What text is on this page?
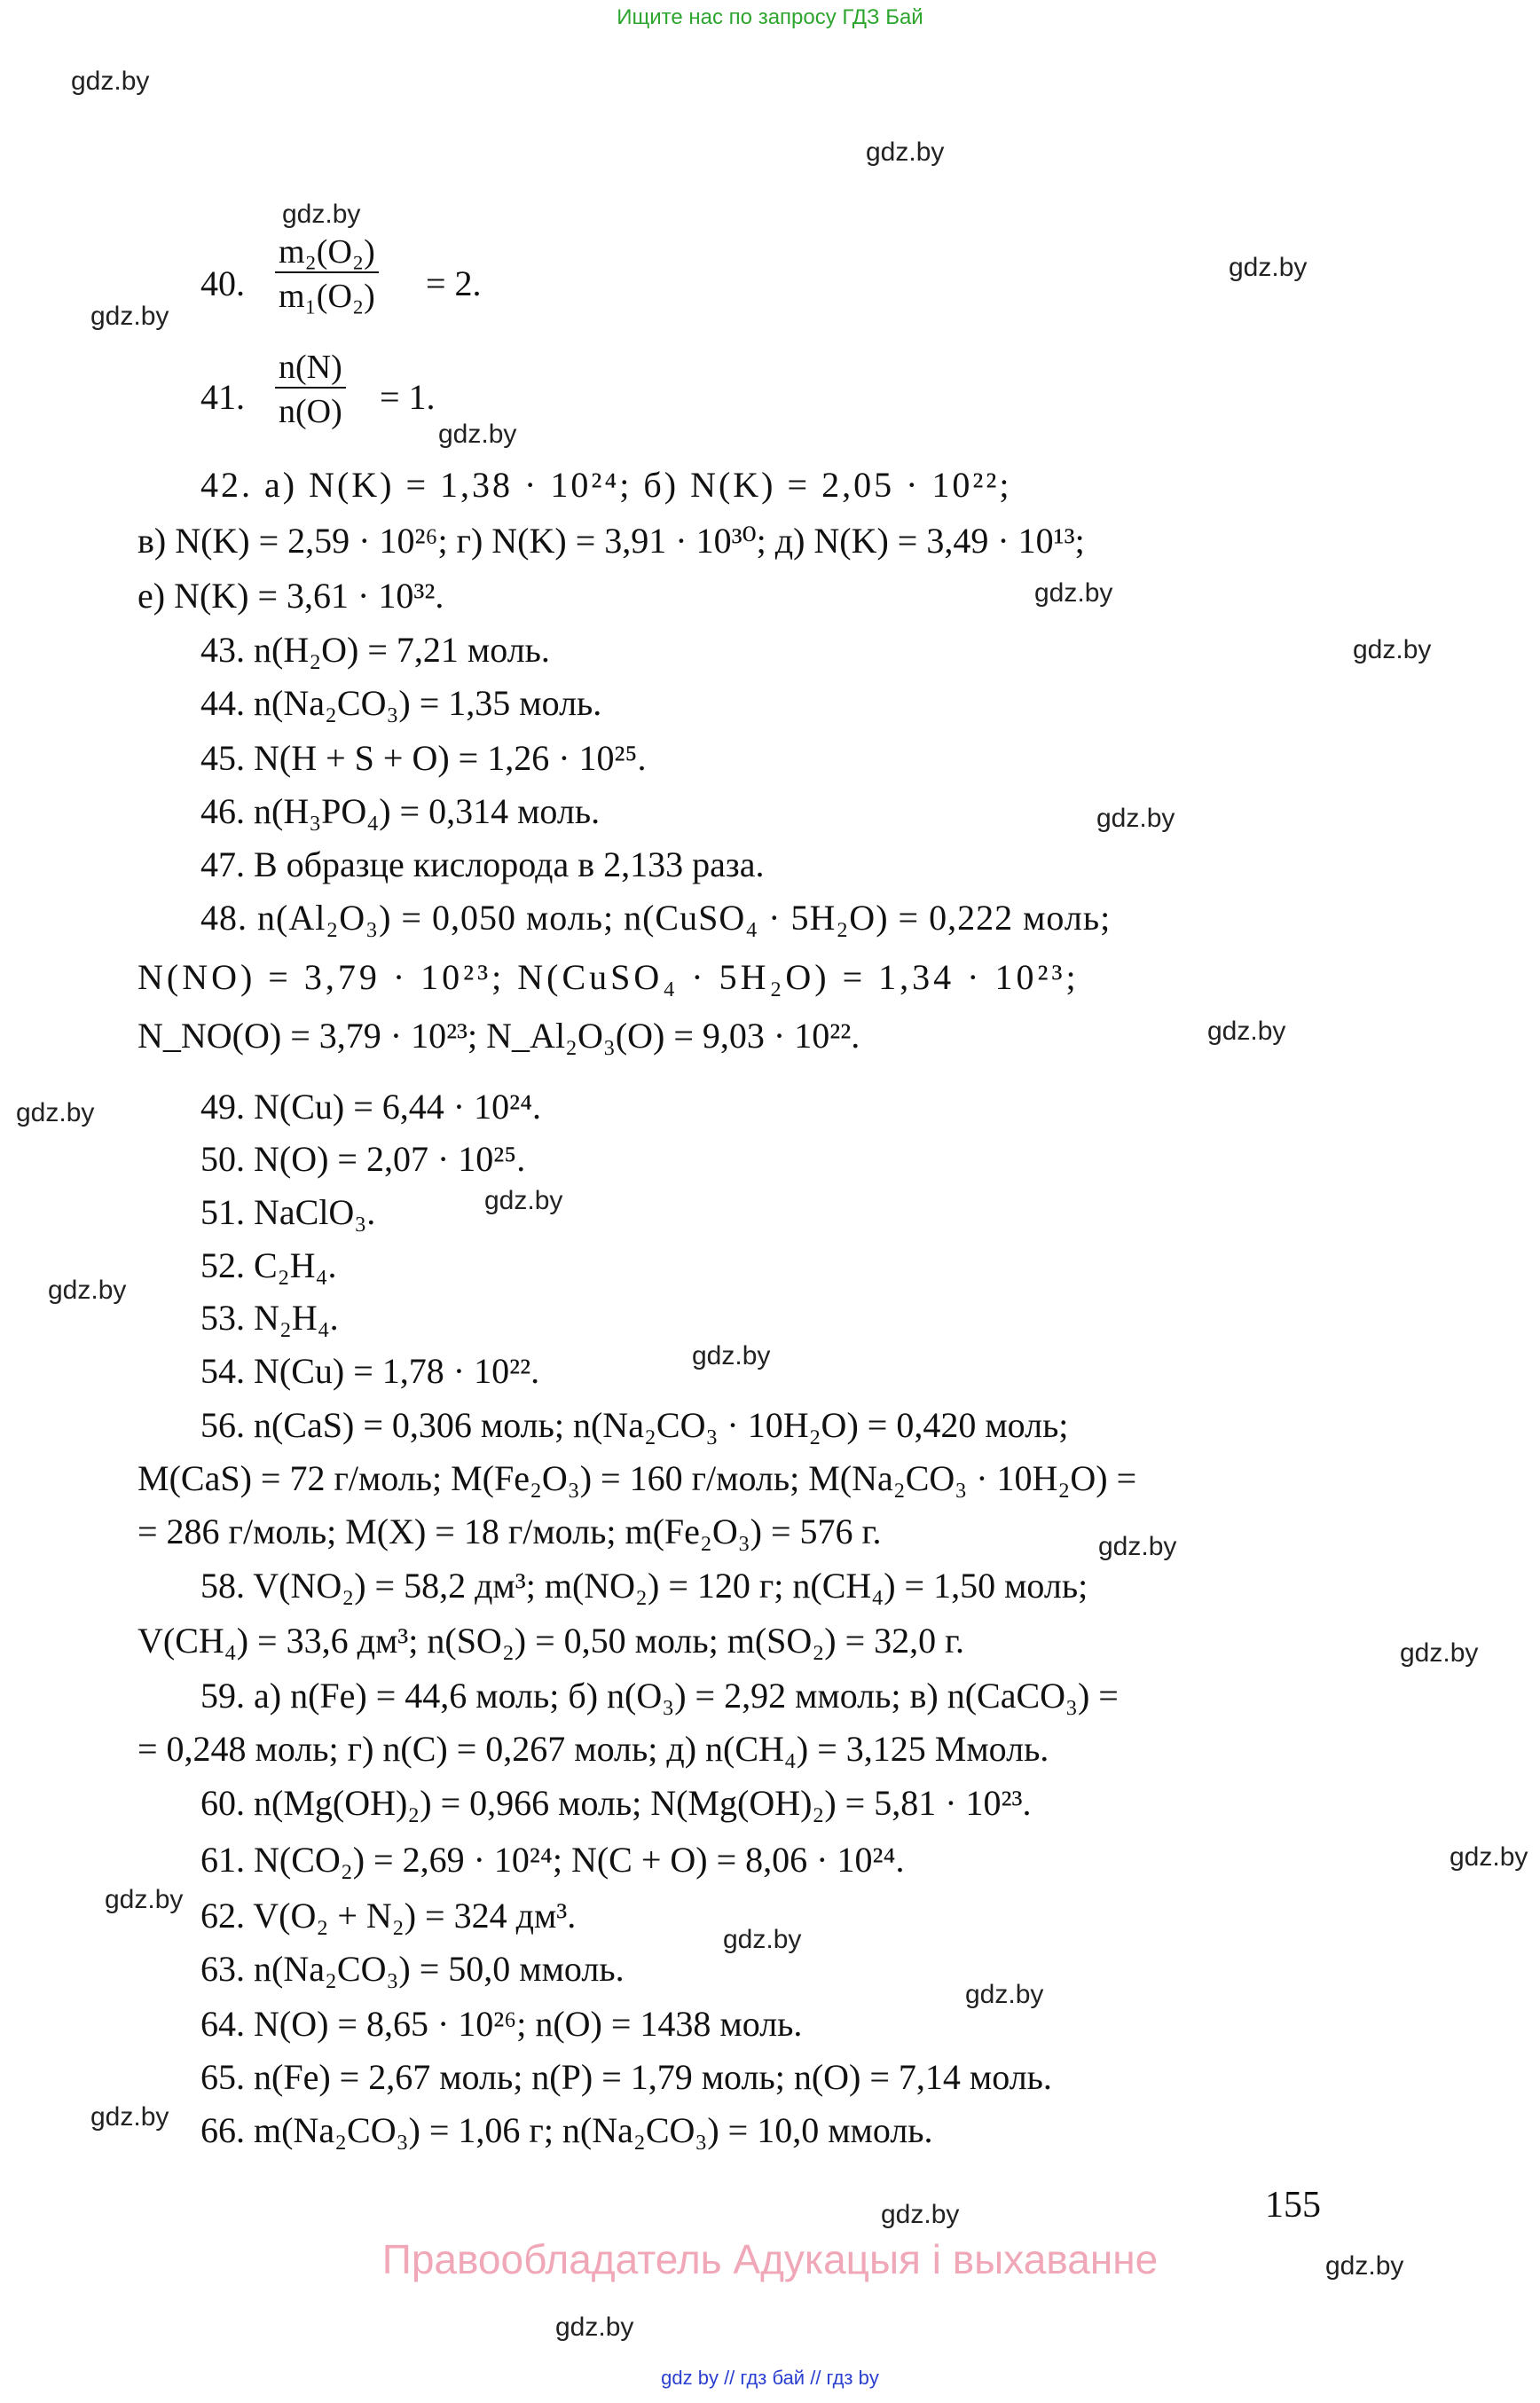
Ищите нас по запросу ГДЗ Бай
gdz.by
gdz.by
gdz.by
gdz.by
gdz.by
gdz.by
gdz.by
gdz.by
gdz.by
gdz.by
gdz.by
gdz.by
gdz.by
gdz.by
gdz.by
gdz.by
gdz.by
gdz.by
gdz.by
gdz.by
gdz.by
gdz.by
gdz.by
gdz.by
40. $\frac{\text{m₂(O₂)}}{\text{m₁(O₂)}} = 2$.
41. $\frac{n(N)}{n(O)} = 1$.
42. а) N(K) = 1,38 · 10²⁴; б) N(K) = 2,05 · 10²²;
в) N(K) = 2,59 · 10²⁶; г) N(K) = 3,91 · 10³⁰; д) N(K) = 3,49 · 10¹³;
е) N(K) = 3,61 · 10³².
43. n(H₂O) = 7,21 моль.
44. n(Na₂CO₃) = 1,35 моль.
45. N(H + S + O) = 1,26 · 10²⁵.
46. n(H₃PO₄) = 0,314 моль.
47. В образце кислорода в 2,133 раза.
48. n(Al₂O₃) = 0,050 моль; n(CuSO₄ · 5H₂O) = 0,222 моль;
N(NO) = 3,79 · 10²³; N(CuSO₄ · 5H₂O) = 1,34 · 10²³;
N_NO(O) = 3,79 · 10²³; N_Al₂O₃(O) = 9,03 · 10²².
49. N(Cu) = 6,44 · 10²⁴.
50. N(O) = 2,07 · 10²⁵.
51. NaClO₃.
52. C₂H₄.
53. N₂H₄.
54. N(Cu) = 1,78 · 10²².
56. n(CaS) = 0,306 моль; n(Na₂CO₃ · 10H₂O) = 0,420 моль;
M(CaS) = 72 г/моль; M(Fe₂O₃) = 160 г/моль; M(Na₂CO₃ · 10H₂O) =
= 286 г/моль; M(X) = 18 г/моль; m(Fe₂O₃) = 576 г.
58. V(NO₂) = 58,2 дм³; m(NO₂) = 120 г; n(CH₄) = 1,50 моль;
V(CH₄) = 33,6 дм³; n(SO₂) = 0,50 моль; m(SO₂) = 32,0 г.
59. а) n(Fe) = 44,6 моль; б) n(O₃) = 2,92 ммоль; в) n(CaCO₃) =
= 0,248 моль; г) n(C) = 0,267 моль; д) n(CH₄) = 3,125 Ммоль.
60. n(Mg(OH)₂) = 0,966 моль; N(Mg(OH)₂) = 5,81 · 10²³.
61. N(CO₂) = 2,69 · 10²⁴; N(C + O) = 8,06 · 10²⁴.
62. V(O₂ + N₂) = 324 дм³.
63. n(Na₂CO₃) = 50,0 ммоль.
64. N(O) = 8,65 · 10²⁶; n(O) = 1438 моль.
65. n(Fe) = 2,67 моль; n(P) = 1,79 моль; n(O) = 7,14 моль.
66. m(Na₂CO₃) = 1,06 г; n(Na₂CO₃) = 10,0 ммоль.
155
Правообладатель Адукацыя і выхаванне
gdz by // гдз бай // гдз by
